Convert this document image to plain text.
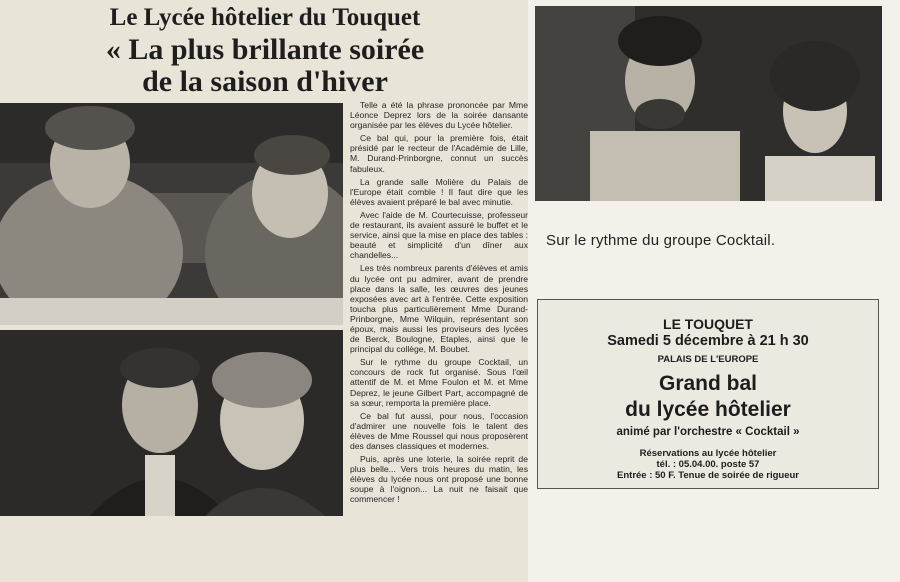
Le Lycée hôtelier du Touquet
« La plus brillante soirée
de la saison d'hiver

Telle a été la phrase prononcée par Mme Léonce Deprez lors de la soirée dansante organisée par les élèves du Lycée hôtelier.

Ce bal qui, pour la première fois, était présidé par le recteur de l'Académie de Lille, M. Durand-Prinborgne, connut un succès fabuleux.

La grande salle Molière du Palais de l'Europe était comble ! Il faut dire que les élèves avaient préparé le bal avec minutie.

Avec l'aide de M. Courtecuisse, professeur de restaurant, ils avaient assuré le buffet et le service, ainsi que la mise en place des tables : beauté et simplicité d'un dîner aux chandelles...

Les très nombreux parents d'élèves et amis du lycée ont pu admirer, avant de prendre place dans la salle, les œuvres des jeunes exposées avec art à l'entrée. Cette exposition toucha plus particulièrement Mme Durand-Prinborgne, Mme Wilquin, représentant son époux, mais aussi les proviseurs des lycées de Berck, Boulogne, Etaples, ainsi que le principal du collège, M. Boubet.

Sur le rythme du groupe Cocktail, un concours de rock fut organisé. Sous l'œil attentif de M. et Mme Foulon et M. et Mme Deprez, le jeune Gilbert Part, accompagné de sa sœur, remporta la première place.

Ce bal fut aussi, pour nous, l'occasion d'admirer une nouvelle fois le talent des élèves de Mme Roussel qui nous proposèrent des danses classiques et modernes.

Puis, après une loterie, la soirée reprit de plus belle... Vers trois heures du matin, les élèves du lycée nous ont proposé une bonne soupe à l'oignon... La nuit ne faisait que commencer !

Sur le rythme du groupe Cocktail.
LE TOUQUET
Samedi 5 décembre à 21 h 30
PALAIS DE L'EUROPE
Grand bal
du lycée hôtelier
animé par l'orchestre « Cocktail »
Réservations au lycée hôtelier
tél. : 05.04.00. poste 57
Entrée : 50 F. Tenue de soirée de rigueur
